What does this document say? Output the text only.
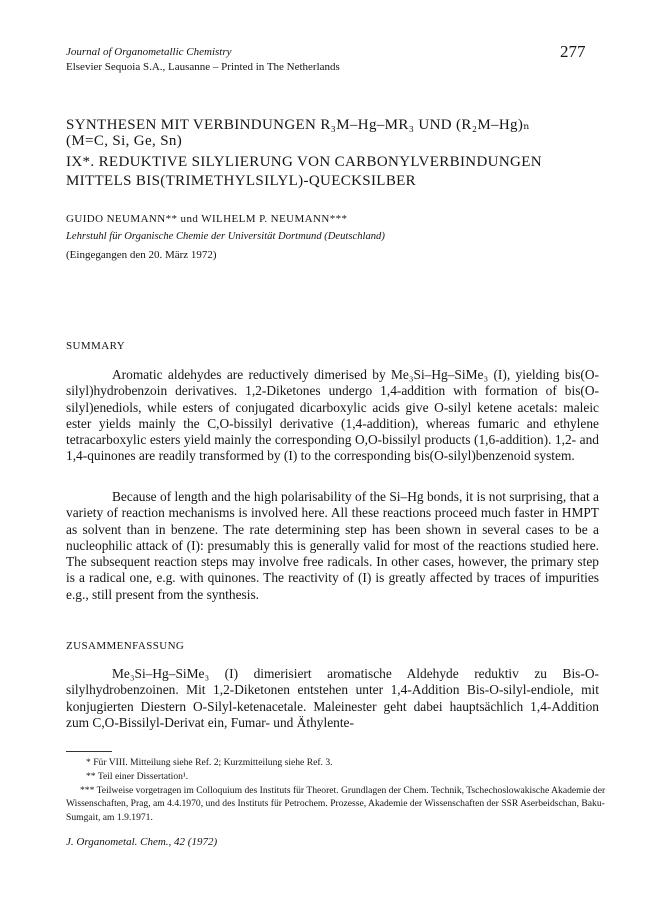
Journal of Organometallic Chemistry
Elsevier Sequoia S.A., Lausanne – Printed in The Netherlands
277
SYNTHESEN MIT VERBINDUNGEN R₃M–Hg–MR₃ UND (R₂M–Hg)ₙ
(M=C, Si, Ge, Sn)
IX*. REDUKTIVE SILYLIERUNG VON CARBONYLVERBINDUNGEN
MITTELS BIS(TRIMETHYLSILYL)-QUECKSILBER
GUIDO NEUMANN** und WILHELM P. NEUMANN***
Lehrstuhl für Organische Chemie der Universität Dortmund (Deutschland)
(Eingegangen den 20. März 1972)
SUMMARY

Aromatic aldehydes are reductively dimerised by Me₃Si–Hg–SiMe₃ (I), yielding bis(O-silyl)hydrobenzoin derivatives. 1,2-Diketones undergo 1,4-addition with formation of bis(O-silyl)enediols, while esters of conjugated dicarboxylic acids give O-silyl ketene acetals: maleic ester yields mainly the C,O-bissilyl derivative (1,4-addition), whereas fumaric and ethylene tetracarboxylic esters yield mainly the corresponding O,O-bissilyl products (1,6-addition). 1,2- and 1,4-quinones are readily transformed by (I) to the corresponding bis(O-silyl)benzenoid system.

Because of length and the high polarisability of the Si–Hg bonds, it is not surprising, that a variety of reaction mechanisms is involved here. All these reactions proceed much faster in HMPT as solvent than in benzene. The rate determining step has been shown in several cases to be a nucleophilic attack of (I): presumably this is generally valid for most of the reactions studied here. The subsequent reaction steps may involve free radicals. In other cases, however, the primary step is a radical one, e.g. with quinones. The reactivity of (I) is greatly affected by traces of impurities e.g., still present from the synthesis.

ZUSAMMENFASSUNG

Me₃Si–Hg–SiMe₃ (I) dimerisiert aromatische Aldehyde reduktiv zu Bis-O-silylhydrobenzoinen. Mit 1,2-Diketonen entstehen unter 1,4-Addition Bis-O-silyl-endiole, mit konjugierten Diestern O-Silyl-ketenacetale. Maleinester geht dabei hauptsächlich 1,4-Addition zum C,O-Bissilyl-Derivat ein, Fumar- und Äthylente-

* Für VIII. Mitteilung siehe Ref. 2; Kurzmitteilung siehe Ref. 3.

** Teil einer Dissertation¹.

*** Teilweise vorgetragen im Colloquium des Instituts für Theoret. Grundlagen der Chem. Technik, Tschechoslowakische Akademie der Wissenschaften, Prag, am 4.4.1970, und des Instituts für Petrochem. Prozesse, Akademie der Wissenschaften der SSR Aserbeidschan, Baku-Sumgait, am 1.9.1971.

J. Organometal. Chem., 42 (1972)
